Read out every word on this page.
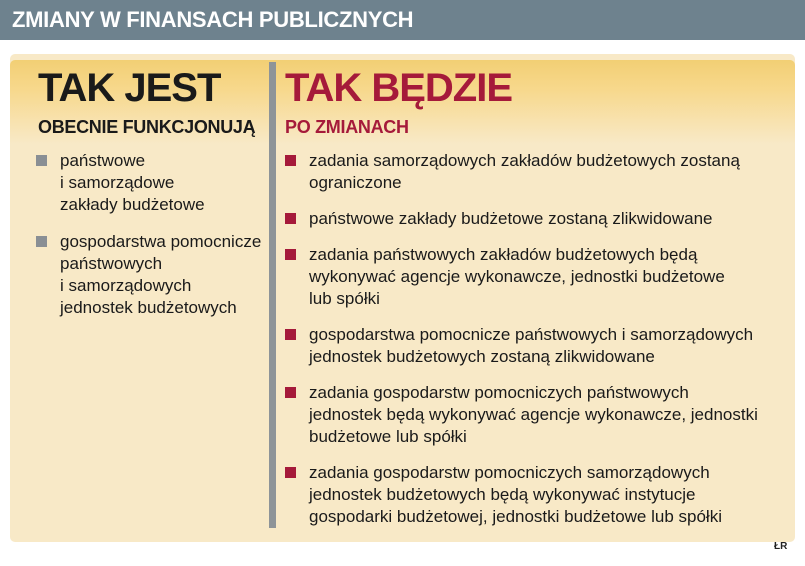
ZMIANY W FINANSACH PUBLICZNYCH
TAK JEST
OBECNIE FUNKCJONUJĄ
TAK BĘDZIE
PO ZMIANACH
państwowe
i samorządowe
zakłady budżetowe
gospodarstwa pomocnicze
państwowych
i samorządowych
jednostek budżetowych
zadania samorządowych zakładów budżetowych zostaną
ograniczone
państwowe zakłady budżetowe zostaną zlikwidowane
zadania państwowych zakładów budżetowych będą
wykonywać agencje wykonawcze, jednostki budżetowe
lub spółki
gospodarstwa pomocnicze państwowych i samorządowych
jednostek budżetowych zostaną zlikwidowane
zadania gospodarstw pomocniczych państwowych
jednostek będą wykonywać agencje wykonawcze, jednostki
budżetowe lub spółki
zadania gospodarstw pomocniczych samorządowych
jednostek budżetowych będą wykonywać instytucje
gospodarki budżetowej, jednostki budżetowe lub spółki
ŁR
